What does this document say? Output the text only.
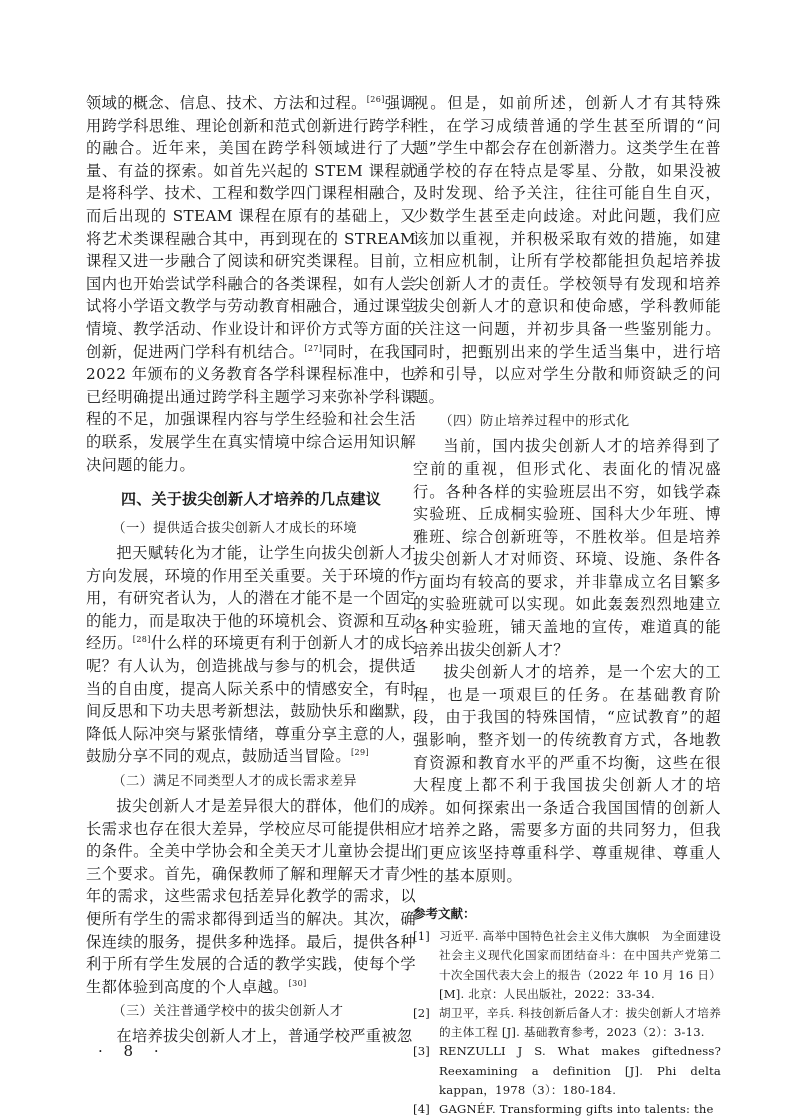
领域的概念、信息、技术、方法和过程。[26]强调用跨学科思维、理论创新和范式创新进行跨学科的融合。近年来，美国在跨学科领域进行了大量、有益的探索。如首先兴起的 STEM 课程就是将科学、技术、工程和数学四门课程相融合，而后出现的 STEAM 课程在原有的基础上，又将艺术类课程融合其中，再到现在的 STREAM 课程又进一步融合了阅读和研究类课程。目前，国内也开始尝试学科融合的各类课程，如有人尝试将小学语文教学与劳动教育相融合，通过课堂情境、教学活动、作业设计和评价方式等方面的创新，促进两门学科有机结合。[27]同时，在我国 2022 年颁布的义务教育各学科课程标准中，也已经明确提出通过跨学科主题学习来弥补学科课程的不足，加强课程内容与学生经验和社会生活的联系，发展学生在真实情境中综合运用知识解决问题的能力。

四、关于拔尖创新人才培养的几点建议
（一）提供适合拔尖创新人才成长的环境

把天赋转化为才能，让学生向拔尖创新人才方向发展，环境的作用至关重要。关于环境的作用，有研究者认为，人的潜在才能不是一个固定的能力，而是取决于他的环境机会、资源和互动经历。[28]什么样的环境更有利于创新人才的成长呢？有人认为，创造挑战与参与的机会，提供适当的自由度，提高人际关系中的情感安全，有时间反思和下功夫思考新想法，鼓励快乐和幽默，降低人际冲突与紧张情绪，尊重分享主意的人，鼓励分享不同的观点，鼓励适当冒险。[29]

（二）满足不同类型人才的成长需求差异

拔尖创新人才是差异很大的群体，他们的成长需求也存在很大差异，学校应尽可能提供相应的条件。全美中学协会和全美天才儿童协会提出三个要求。首先，确保教师了解和理解天才青少年的需求，这些需求包括差异化教学的需求，以便所有学生的需求都得到适当的解决。其次，确保连续的服务，提供多种选择。最后，提供各种利于所有学生发展的合适的教学实践，使每个学生都体验到高度的个人卓越。[30]

（三）关注普通学校中的拔尖创新人才

在培养拔尖创新人才上，普通学校严重被忽

视。但是，如前所述，创新人才有其特殊性，在学习成绩普通的学生甚至所谓的“问题”学生中都会存在创新潜力。这类学生在普通学校的存在特点是零星、分散，如果没被及时发现、给予关注，往往可能自生自灭，少数学生甚至走向歧途。对此问题，我们应该加以重视，并积极采取有效的措施，如建立相应机制，让所有学校都能担负起培养拔尖创新人才的责任。学校领导有发现和培养拔尖创新人才的意识和使命感，学科教师能关注这一问题，并初步具备一些鉴别能力。同时，把甄别出来的学生适当集中，进行培养和引导，以应对学生分散和师资缺乏的问题。

（四）防止培养过程中的形式化

当前，国内拔尖创新人才的培养得到了空前的重视，但形式化、表面化的情况盛行。各种各样的实验班层出不穷，如钱学森实验班、丘成桐实验班、国科大少年班、博雅班、综合创新班等，不胜枚举。但是培养拔尖创新人才对师资、环境、设施、条件各方面均有较高的要求，并非靠成立名目繁多的实验班就可以实现。如此轰轰烈烈地建立各种实验班，铺天盖地的宣传，难道真的能培养出拔尖创新人才？

拔尖创新人才的培养，是一个宏大的工程，也是一项艰巨的任务。在基础教育阶段，由于我国的特殊国情，“应试教育”的超强影响，整齐划一的传统教育方式，各地教育资源和教育水平的严重不均衡，这些在很大程度上都不利于我国拔尖创新人才的培养。如何探索出一条适合我国国情的创新人才培养之路，需要多方面的共同努力，但我们更应该坚持尊重科学、尊重规律、尊重人性的基本原则。

参考文献：
[1] 习近平. 高举中国特色社会主义伟大旗帜　为全面建设社会主义现代化国家而团结奋斗：在中国共产党第二十次全国代表大会上的报告（2022 年 10 月 16 日）[M]. 北京：人民出版社，2022：33-34.
[2] 胡卫平，辛兵. 科技创新后备人才：拔尖创新人才培养的主体工程 [J]. 基础教育参考，2023（2）：3-13.
[3] RENZULLI J S. What makes giftedness? Reexamining a definition [J]. Phi delta kappan，1978（3）：180-184.
[4] GAGNÉF. Transforming gifts into talents: the
· 8 ·
